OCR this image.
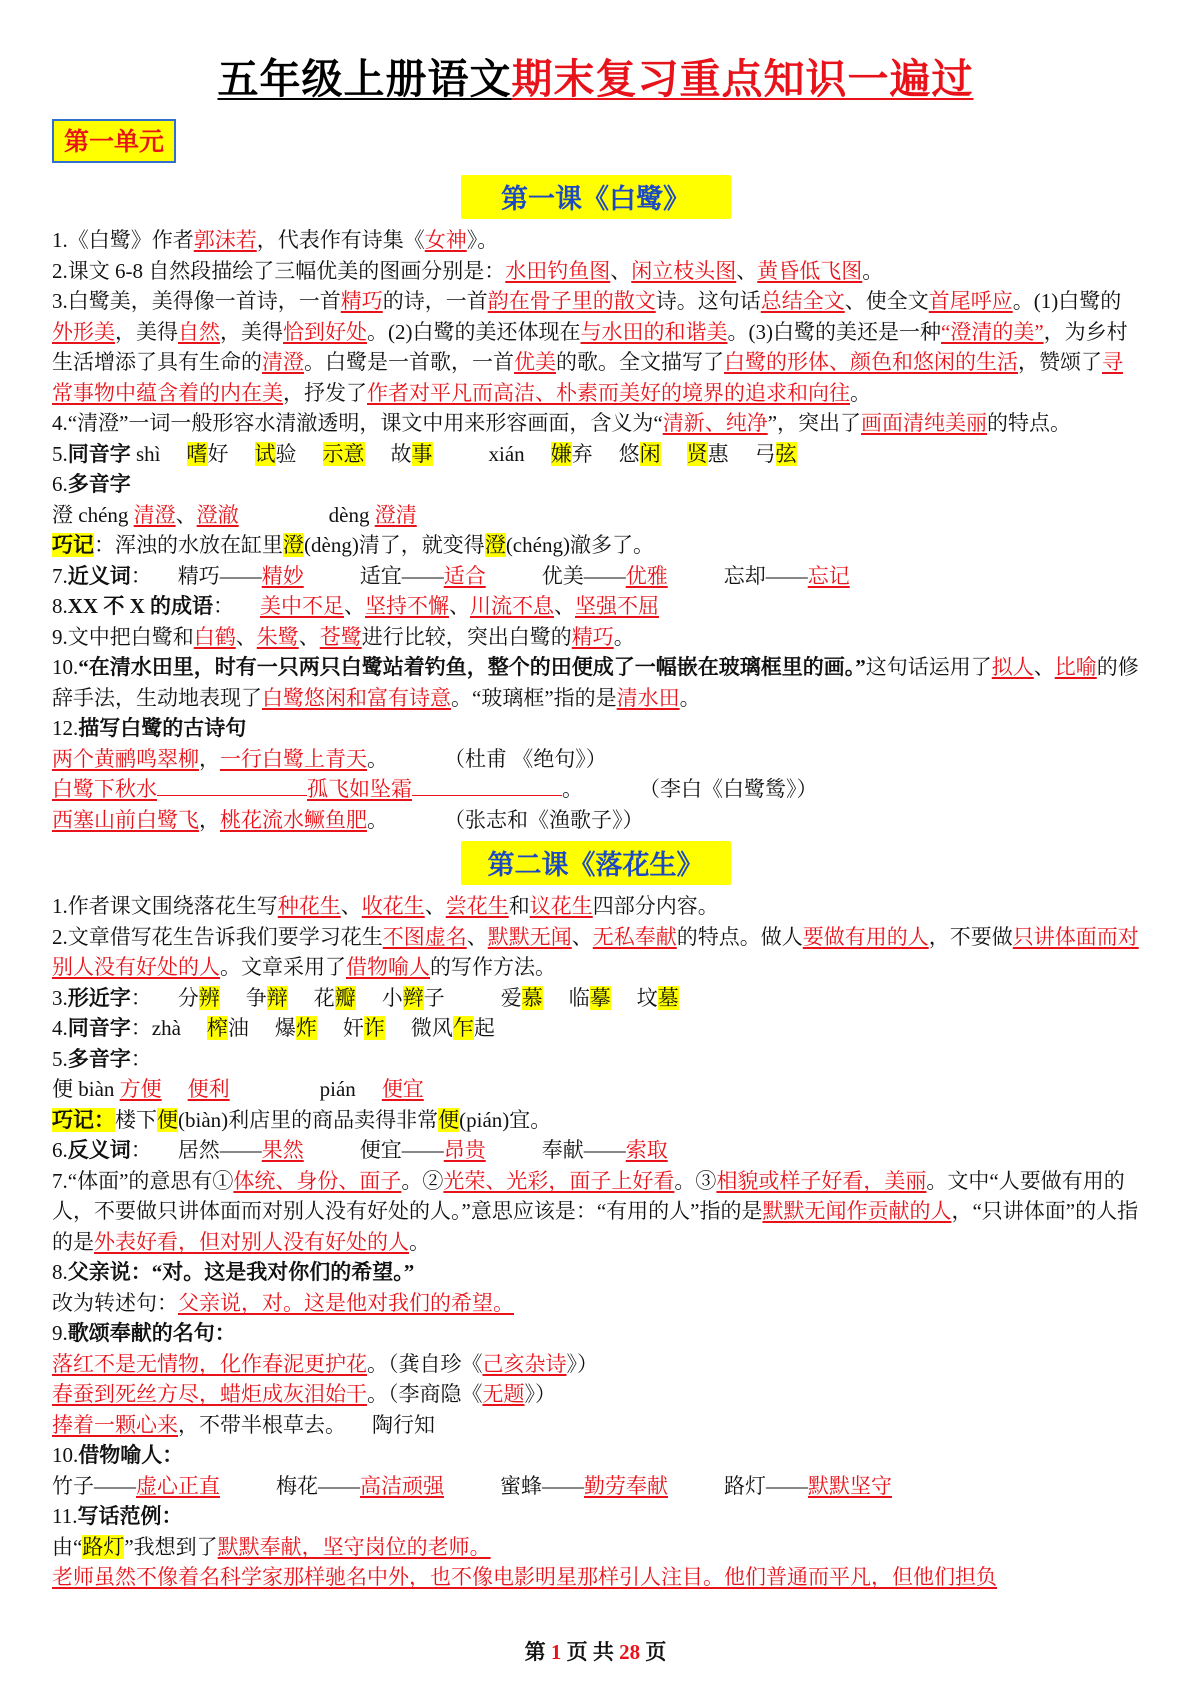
五年级上册语文期末复习重点知识一遍过
第一单元
第一课《白鹭》
1.《白鹭》作者郭沫若，代表作有诗集《女神》。
2.课文 6-8 自然段描绘了三幅优美的图画分别是：水田钓鱼图、闲立枝头图、黄昏低飞图。
3.白鹭美，美得像一首诗，一首精巧的诗，一首韵在骨子里的散文诗。这句话总结全文、使全文首尾呼应。(1)白鹭的外形美，美得自然，美得恰到好处。(2)白鹭的美还体现在与水田的和谐美。(3)白鹭的美还是一种“澄清的美”，为乡村生活增添了具有生命的清澄。白鹭是一首歌，一首优美的歌。全文描写了白鹭的形体、颜色和悠闲的生活，赞颂了寻常事物中蕴含着的内在美，抒发了作者对平凡而高洁、朴素而美好的境界的追求和向往。
4.“清澄”一词一般形容水清澈透明，课文中用来形容画面，含义为“清新、纯净”，突出了画面清纯美丽的特点。
5.同音字 shì 嗜好 试验 示意 故事	xián 嫌弃 悠闲 贤惠 弓弦
6.多音字
澄 chéng 清澄、澄澈	dèng 澄清
巧记：浑浊的水放在缸里澄(dèng)清了，就变得澄(chéng)澈多了。
7.近义词： 精巧——精妙	适宜——适合	优美——优雅	忘却——忘记
8.XX 不 X 的成语： 美中不足、坚持不懈、川流不息、坚强不屈
9.文中把白鹭和白鹤、朱鹭、苍鹭进行比较，突出白鹭的精巧。
10.“在清水田里，时有一只两只白鹭站着钓鱼，整个的田便成了一幅嵌在玻璃框里的画。”这句话运用了拟人、比喻的修辞手法，生动地表现了白鹭悠闲和富有诗意。“玻璃框”指的是清水田。
12.描写白鹭的古诗句
两个黄鹂鸣翠柳，一行白鹭上青天。	（杜甫 《绝句》）
白鹭下秋水	孤飞如坠霜	。	（李白《白鹭鸶》）
西塞山前白鹭飞，桃花流水鳜鱼肥。	（张志和《渔歌子》）
第二课《落花生》
1.作者课文围绕落花生写种花生、收花生、尝花生和议花生四部分内容。
2.文章借写花生告诉我们要学习花生不图虚名、默默无闻、无私奉献的特点。做人要做有用的人，不要做只讲体面而对别人没有好处的人。文章采用了借物喻人的写作方法。
3.形近字： 分辨 争辩 花瓣 小辫子	爱慕 临摹 坟墓
4.同音字：zhà 榨油 爆炸 奸诈 微风乍起
5.多音字：
便 biàn 方便 便利	pián 便宜
巧记：楼下便(biàn)利店里的商品卖得非常便(pián)宜。
6.反义词： 居然——果然	便宜——昂贵	奉献——索取
7.“体面”的意思有①体统、身份、面子。②光荣、光彩，面子上好看。③相貌或样子好看，美丽。文中“人要做有用的人，不要做只讲体面而对别人没有好处的人。”意思应该是：“有用的人”指的是默默无闻作贡献的人，“只讲体面”的人指的是外表好看，但对别人没有好处的人。
8.父亲说：“对。这是我对你们的希望。”
改为转述句：父亲说，对。这是他对我们的希望。
9.歌颂奉献的名句：
落红不是无情物，化作春泥更护花。（龚自珍《己亥杂诗》）
春蚕到死丝方尽，蜡炬成灰泪始干。（李商隐《无题》）
捧着一颗心来，不带半根草去。 陶行知
10.借物喻人：
竹子——虚心正直	梅花——高洁顽强	蜜蜂——勤劳奉献	路灯——默默坚守
11.写话范例：
由“路灯”我想到了默默奉献，坚守岗位的老师。
老师虽然不像着名科学家那样驰名中外，也不像电影明星那样引人注目。他们普通而平凡，但他们担负
第 1 页 共 28 页
